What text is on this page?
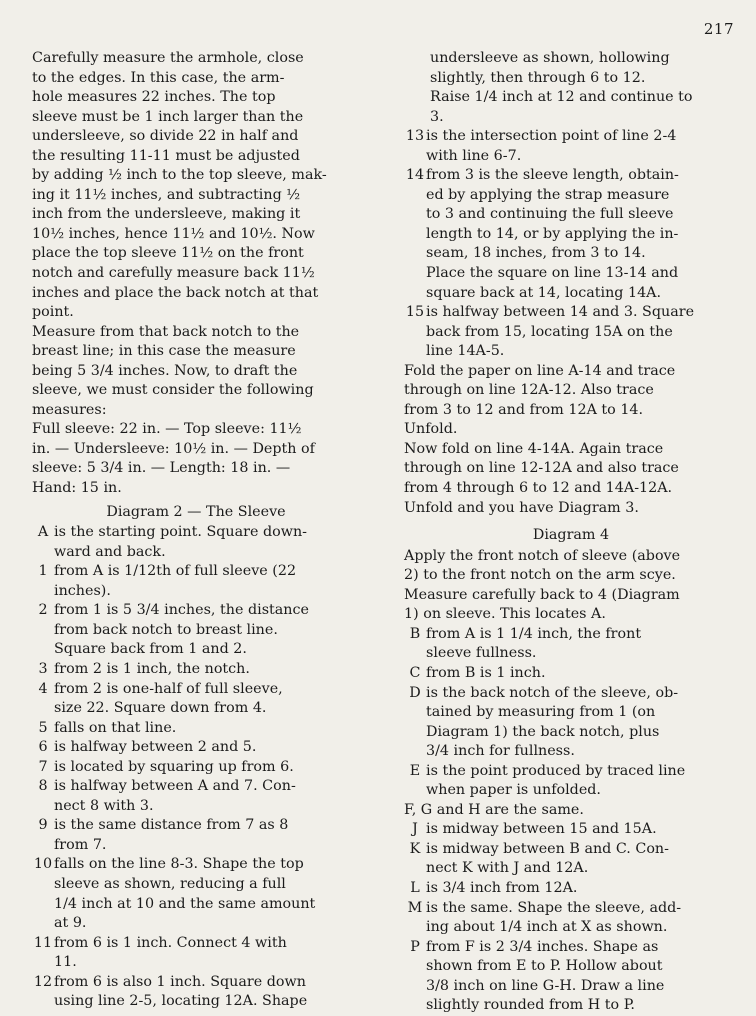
217
Carefully measure the armhole, close
to the edges. In this case, the arm-
hole measures 22 inches. The top
sleeve must be 1 inch larger than the
undersleeve, so divide 22 in half and
the resulting 11-11 must be adjusted
by adding ½ inch to the top sleeve, mak-
ing it 11½ inches, and subtracting ½
inch from the undersleeve, making it
10½ inches, hence 11½ and 10½. Now
place the top sleeve 11½ on the front
notch and carefully measure back 11½
inches and place the back notch at that
point.
Measure from that back notch to the
breast line; in this case the measure
being 5 3/4 inches. Now, to draft the
sleeve, we must consider the following
measures:
Full sleeve: 22 in. — Top sleeve: 11½
in. — Undersleeve: 10½ in. — Depth of
sleeve: 5 3/4 in. — Length: 18 in. —
Hand: 15 in.
Diagram 2 — The Sleeve
A is the starting point. Square down-
ward and back.
1 from A is 1/12th of full sleeve (22
inches).
2 from 1 is 5 3/4 inches, the distance
from back notch to breast line.
Square back from 1 and 2.
3 from 2 is 1 inch, the notch.
4 from 2 is one-half of full sleeve,
size 22. Square down from 4.
5 falls on that line.
6 is halfway between 2 and 5.
7 is located by squaring up from 6.
8 is halfway between A and 7. Con-
nect 8 with 3.
9 is the same distance from 7 as 8
from 7.
10 falls on the line 8-3. Shape the top
sleeve as shown, reducing a full
1/4 inch at 10 and the same amount
at 9.
11 from 6 is 1 inch. Connect 4 with
11.
12 from 6 is also 1 inch. Square down
using line 2-5, locating 12A. Shape
undersleeve as shown, hollowing
slightly, then through 6 to 12.
Raise 1/4 inch at 12 and continue to
3.
13 is the intersection point of line 2-4
with line 6-7.
14 from 3 is the sleeve length, obtain-
ed by applying the strap measure
to 3 and continuing the full sleeve
length to 14, or by applying the in-
seam, 18 inches, from 3 to 14.
Place the square on line 13-14 and
square back at 14, locating 14A.
15 is halfway between 14 and 3. Square
back from 15, locating 15A on the
line 14A-5.
Fold the paper on line A-14 and trace
through on line 12A-12. Also trace
from 3 to 12 and from 12A to 14.
Unfold.
Now fold on line 4-14A. Again trace
through on line 12-12A and also trace
from 4 through 6 to 12 and 14A-12A.
Unfold and you have Diagram 3.
Diagram 4
Apply the front notch of sleeve (above
2) to the front notch on the arm scye.
Measure carefully back to 4 (Diagram
1) on sleeve. This locates A.
B from A is 1 1/4 inch, the front
sleeve fullness.
C from B is 1 inch.
D is the back notch of the sleeve, ob-
tained by measuring from 1 (on
Diagram 1) the back notch, plus
3/4 inch for fullness.
E is the point produced by traced line
when paper is unfolded.
F, G and H are the same.
J is midway between 15 and 15A.
K is midway between B and C. Con-
nect K with J and 12A.
L is 3/4 inch from 12A.
M is the same. Shape the sleeve, add-
ing about 1/4 inch at X as shown.
P from F is 2 3/4 inches. Shape as
shown from E to P. Hollow about
3/8 inch on line G-H. Draw a line
slightly rounded from H to P.
